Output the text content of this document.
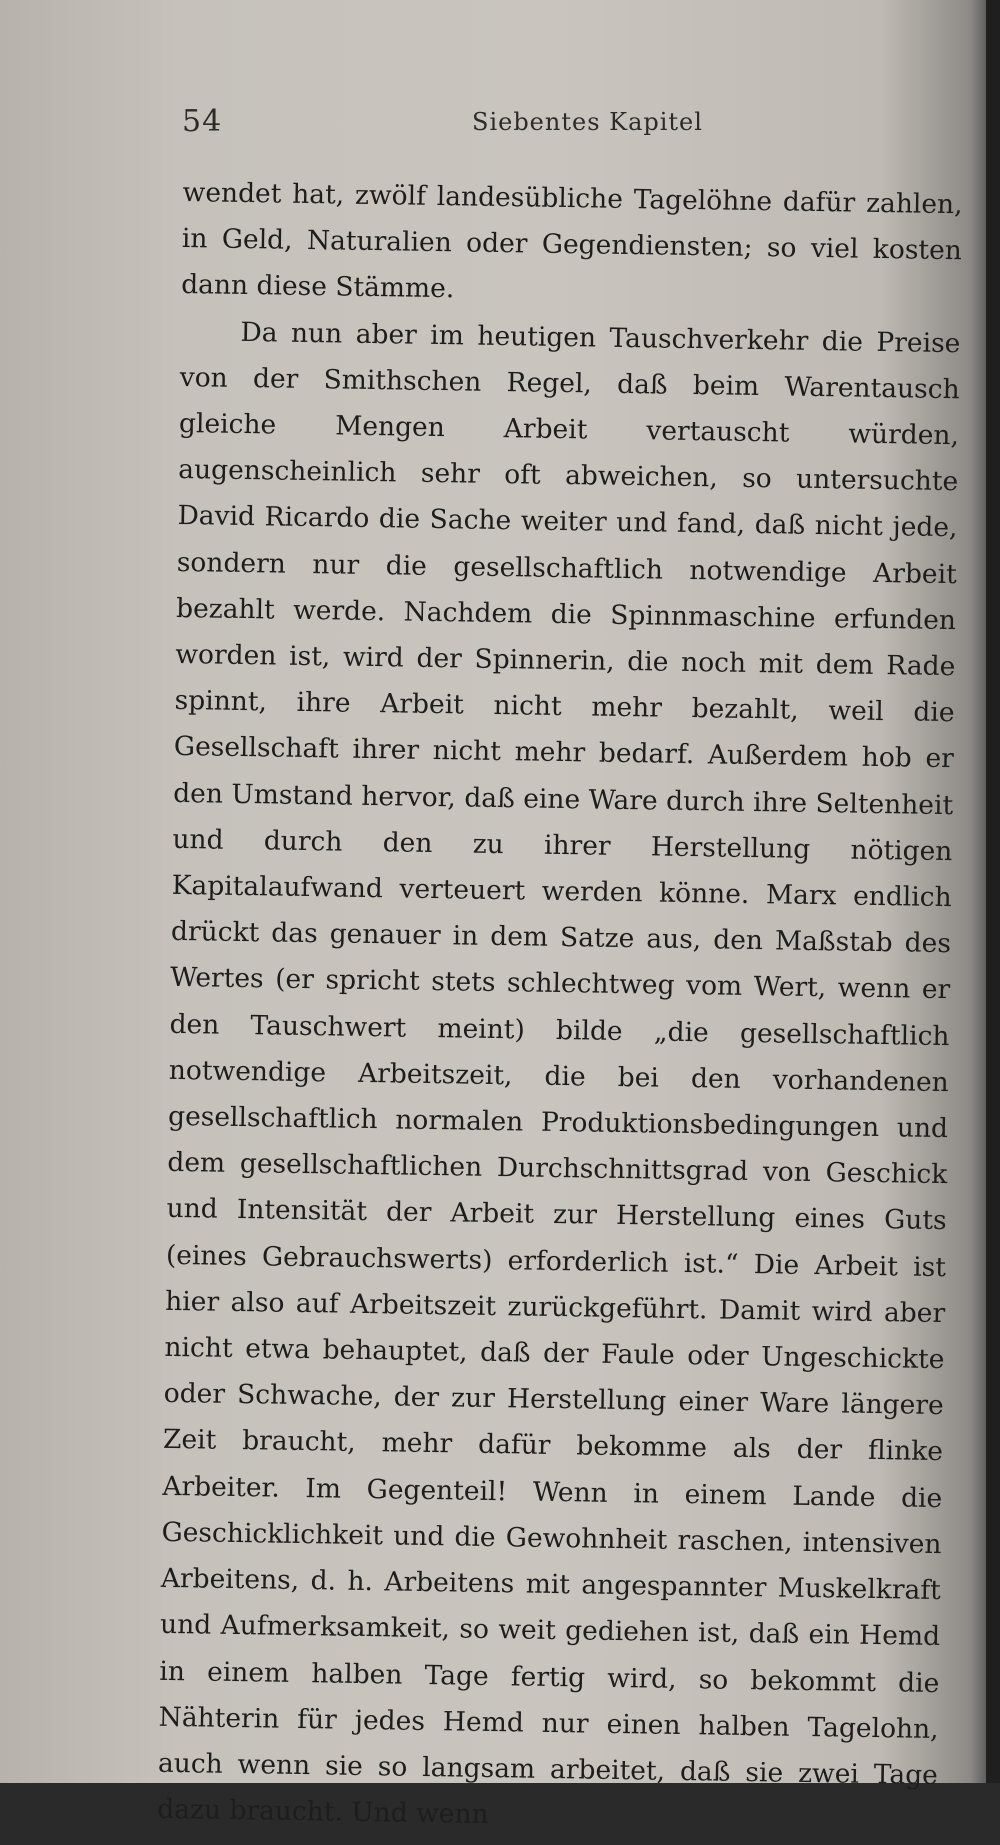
54	Siebentes Kapitel

wendet hat, zwölf landesübliche Tagelöhne dafür zahlen, in Geld, Naturalien oder Gegendiensten; so viel kosten dann diese Stämme.

Da nun aber im heutigen Tauschverkehr die Preise von der Smithschen Regel, daß beim Warentausch gleiche Mengen Arbeit vertauscht würden, augenscheinlich sehr oft abweichen, so untersuchte David Ricardo die Sache weiter und fand, daß nicht jede, sondern nur die gesellschaftlich notwendige Arbeit bezahlt werde. Nachdem die Spinnmaschine erfunden worden ist, wird der Spinnerin, die noch mit dem Rade spinnt, ihre Arbeit nicht mehr bezahlt, weil die Gesellschaft ihrer nicht mehr bedarf. Außerdem hob er den Umstand hervor, daß eine Ware durch ihre Seltenheit und durch den zu ihrer Herstellung nötigen Kapitalaufwand verteuert werden könne. Marx endlich drückt das genauer in dem Satze aus, den Maßstab des Wertes (er spricht stets schlechtweg vom Wert, wenn er den Tauschwert meint) bilde „die gesellschaftlich notwendige Arbeitszeit, die bei den vorhandenen gesellschaftlich normalen Produktionsbedingungen und dem gesellschaftlichen Durchschnittsgrad von Geschick und Intensität der Arbeit zur Herstellung eines Guts (eines Gebrauchswerts) erforderlich ist.“ Die Arbeit ist hier also auf Arbeitszeit zurückgeführt. Damit wird aber nicht etwa behauptet, daß der Faule oder Ungeschickte oder Schwache, der zur Herstellung einer Ware längere Zeit braucht, mehr dafür bekomme als der flinke Arbeiter. Im Gegenteil! Wenn in einem Lande die Geschicklichkeit und die Gewohnheit raschen, intensiven Arbeitens, d. h. Arbeitens mit angespannter Muskelkraft und Aufmerksamkeit, so weit gediehen ist, daß ein Hemd in einem halben Tage fertig wird, so bekommt die Nähterin für jedes Hemd nur einen halben Tagelohn, auch wenn sie so langsam arbeitet, daß sie zwei Tage dazu braucht. Und wenn
